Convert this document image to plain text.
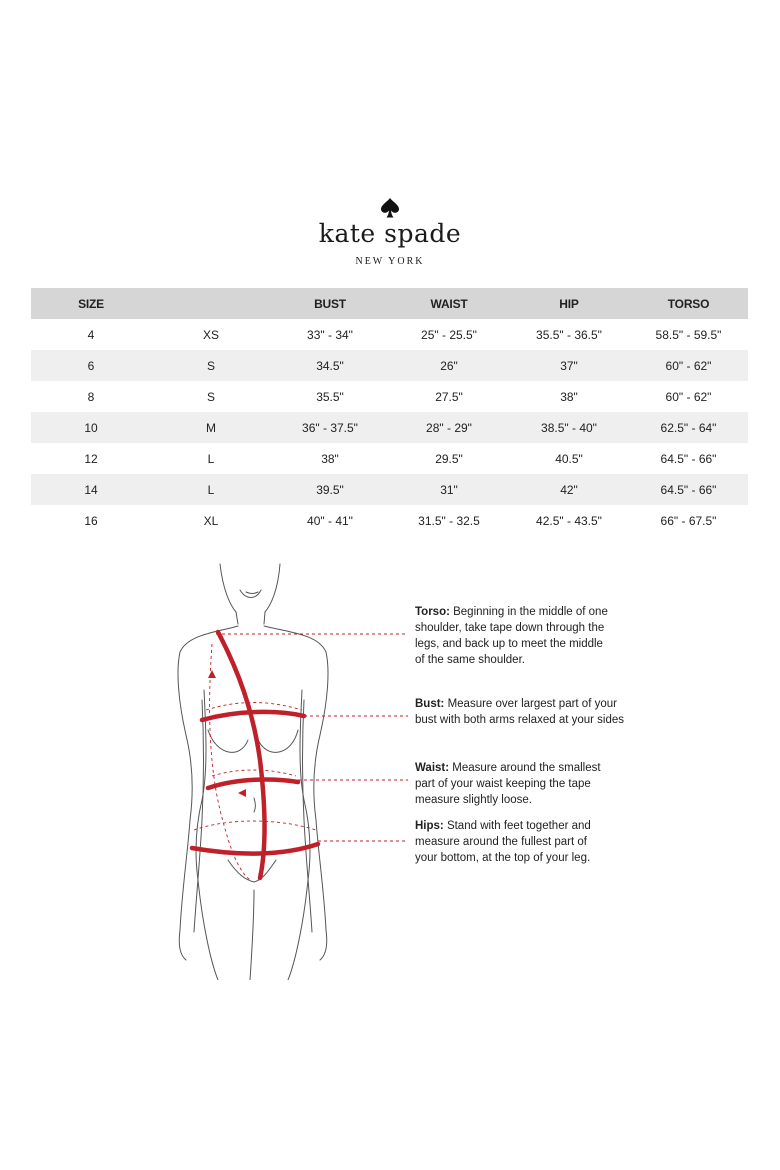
kate spade
NEW YORK
SIZE		BUST	WAIST	HIP	TORSO
4	XS	33" - 34"	25" - 25.5"	35.5" - 36.5"	58.5" - 59.5"
6	S	34.5"	26"	37"	60" - 62"
8	S	35.5"	27.5"	38"	60" - 62"
10	M	36" - 37.5"	28" - 29"	38.5" - 40"	62.5" - 64"
12	L	38"	29.5"	40.5"	64.5" - 66"
14	L	39.5"	31"	42"	64.5" - 66"
16	XL	40" - 41"	31.5" - 32.5	42.5" - 43.5"	66" - 67.5"

Torso: Beginning in the middle of one shoulder, take tape down through the legs, and back up to meet the middle of the same shoulder.

Bust: Measure over largest part of your bust with both arms relaxed at your sides

Waist: Measure around the smallest part of your waist keeping the tape measure slightly loose.

Hips: Stand with feet together and measure around the fullest part of your bottom, at the top of your leg.
